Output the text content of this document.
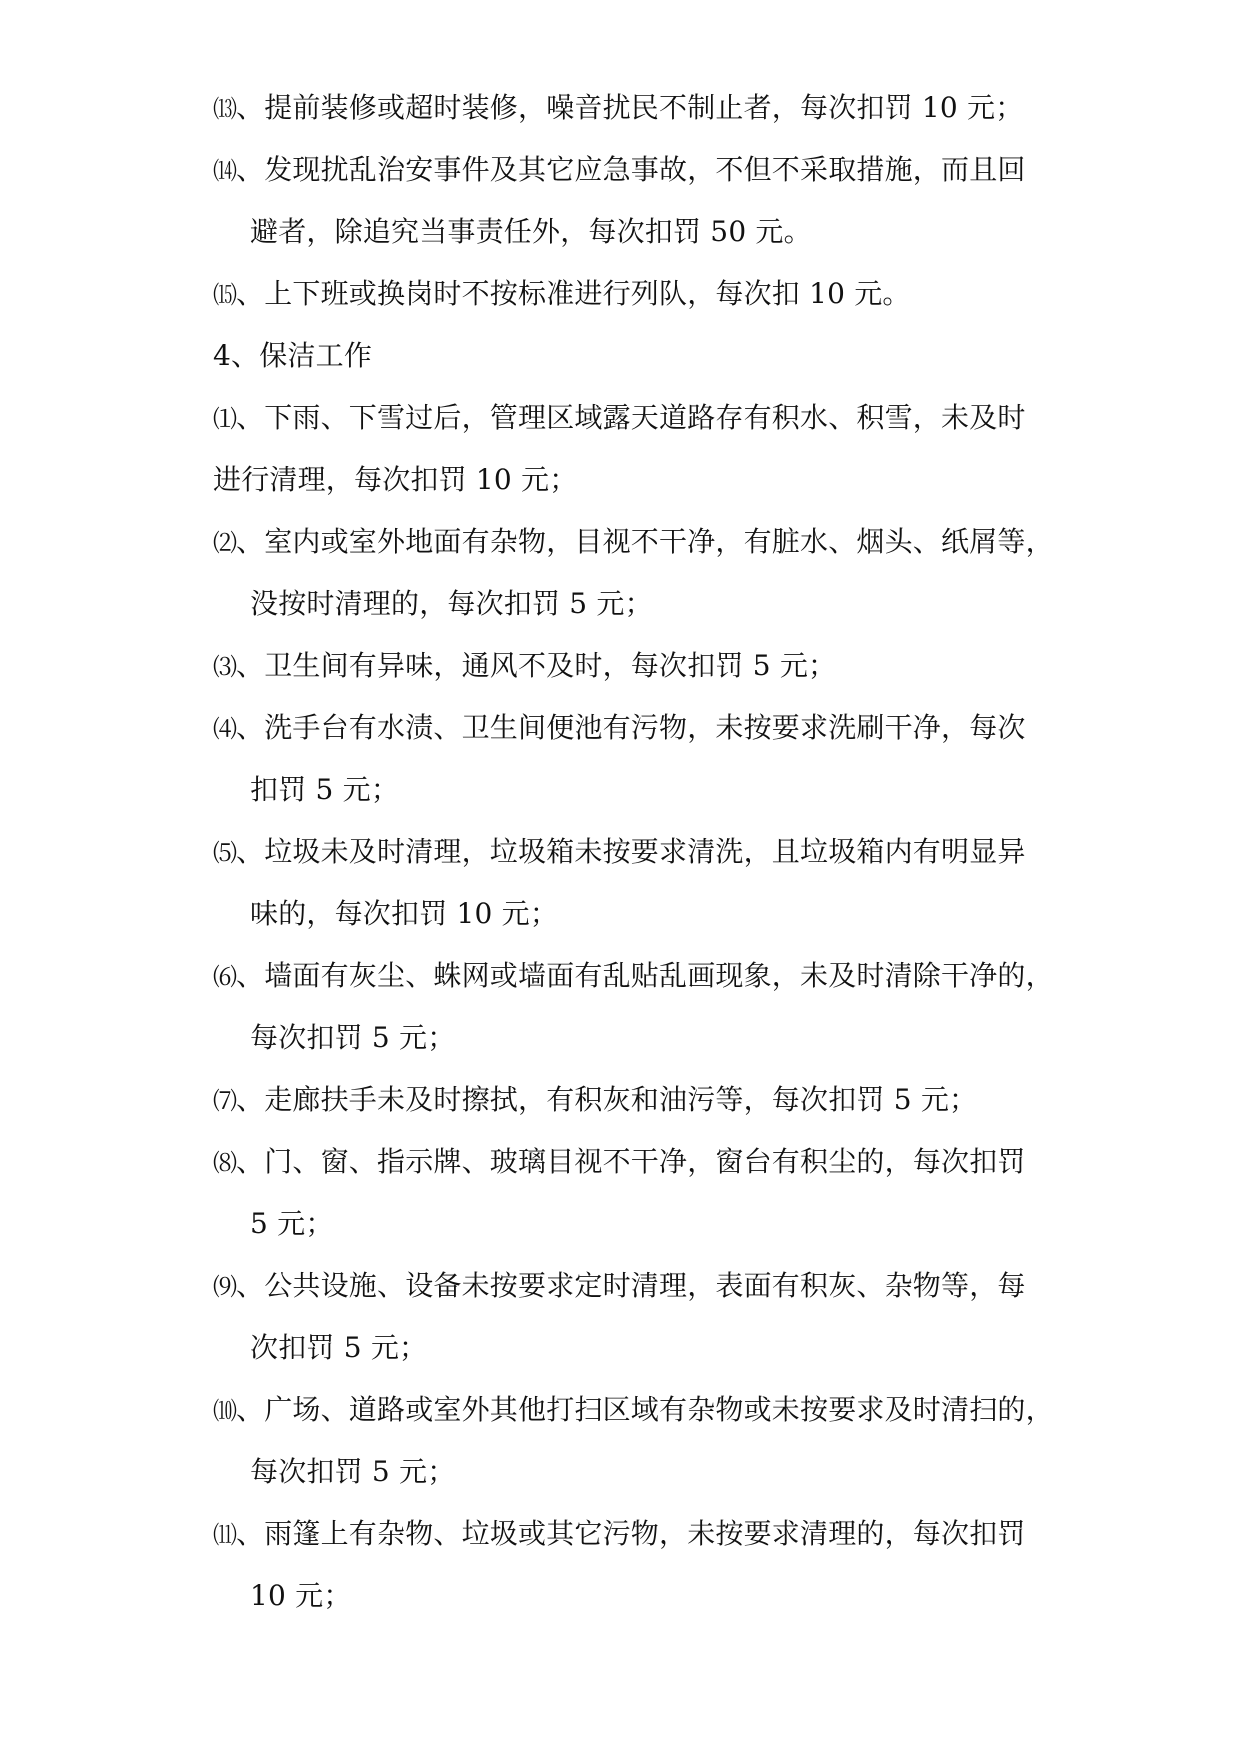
⒀、提前装修或超时装修，噪音扰民不制止者，每次扣罚 10 元；
⒁、发现扰乱治安事件及其它应急事故，不但不采取措施，而且回
避者，除追究当事责任外，每次扣罚 50 元。
⒂、上下班或换岗时不按标准进行列队，每次扣 10 元。
4、保洁工作
⑴、下雨、下雪过后，管理区域露天道路存有积水、积雪，未及时
进行清理，每次扣罚 10 元；
⑵、室内或室外地面有杂物，目视不干净，有脏水、烟头、纸屑等，
没按时清理的，每次扣罚 5 元；
⑶、卫生间有异味，通风不及时，每次扣罚 5 元；
⑷、洗手台有水渍、卫生间便池有污物，未按要求洗刷干净，每次
扣罚 5 元；
⑸、垃圾未及时清理，垃圾箱未按要求清洗，且垃圾箱内有明显异
味的，每次扣罚 10 元；
⑹、墙面有灰尘、蛛网或墙面有乱贴乱画现象，未及时清除干净的，
每次扣罚 5 元；
⑺、走廊扶手未及时擦拭，有积灰和油污等，每次扣罚 5 元；
⑻、门、窗、指示牌、玻璃目视不干净，窗台有积尘的，每次扣罚
5 元；
⑼、公共设施、设备未按要求定时清理，表面有积灰、杂物等，每
次扣罚 5 元；
⑽、广场、道路或室外其他打扫区域有杂物或未按要求及时清扫的，
每次扣罚 5 元；
⑾、雨篷上有杂物、垃圾或其它污物，未按要求清理的，每次扣罚
10 元；
